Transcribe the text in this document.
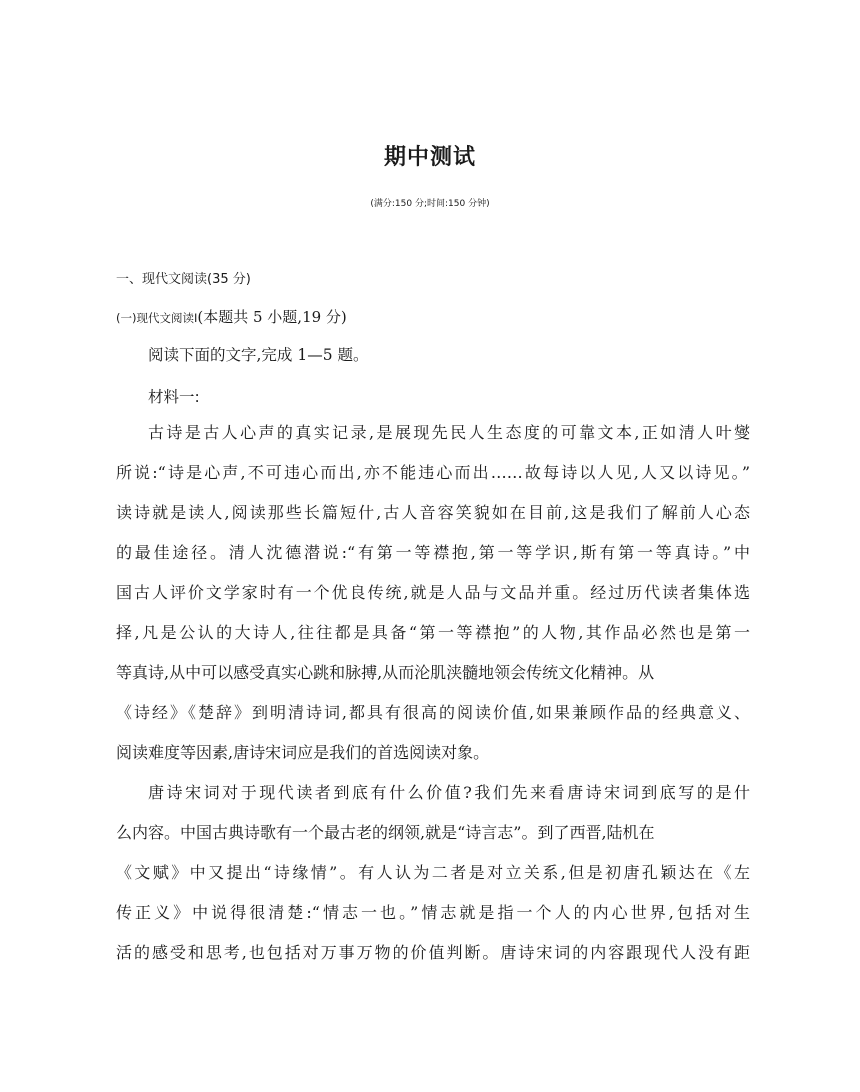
期中测试
(满分:150 分;时间:150 分钟)
一、现代文阅读(35 分)
(一)现代文阅读Ⅰ(本题共 5 小题,19 分)
阅读下面的文字,完成 1—5 题。
材料一:
古诗是古人心声的真实记录,是展现先民人生态度的可靠文本,正如清人叶燮
所说:“诗是心声,不可违心而出,亦不能违心而出……故每诗以人见,人又以诗见。”
读诗就是读人,阅读那些长篇短什,古人音容笑貌如在目前,这是我们了解前人心态
的最佳途径。清人沈德潜说:“有第一等襟抱,第一等学识,斯有第一等真诗。”中
国古人评价文学家时有一个优良传统,就是人品与文品并重。经过历代读者集体选
择,凡是公认的大诗人,往往都是具备“第一等襟抱”的人物,其作品必然也是第一
等真诗,从中可以感受真实心跳和脉搏,从而沦肌浃髓地领会传统文化精神。从
《诗经》《楚辞》到明清诗词,都具有很高的阅读价值,如果兼顾作品的经典意义、
阅读难度等因素,唐诗宋词应是我们的首选阅读对象。
唐诗宋词对于现代读者到底有什么价值?我们先来看唐诗宋词到底写的是什
么内容。中国古典诗歌有一个最古老的纲领,就是“诗言志”。到了西晋,陆机在
《文赋》中又提出“诗缘情”。有人认为二者是对立关系,但是初唐孔颖达在《左
传正义》中说得很清楚:“情志一也。”情志就是指一个人的内心世界,包括对生
活的感受和思考,也包括对万事万物的价值判断。唐诗宋词的内容跟现代人没有距
